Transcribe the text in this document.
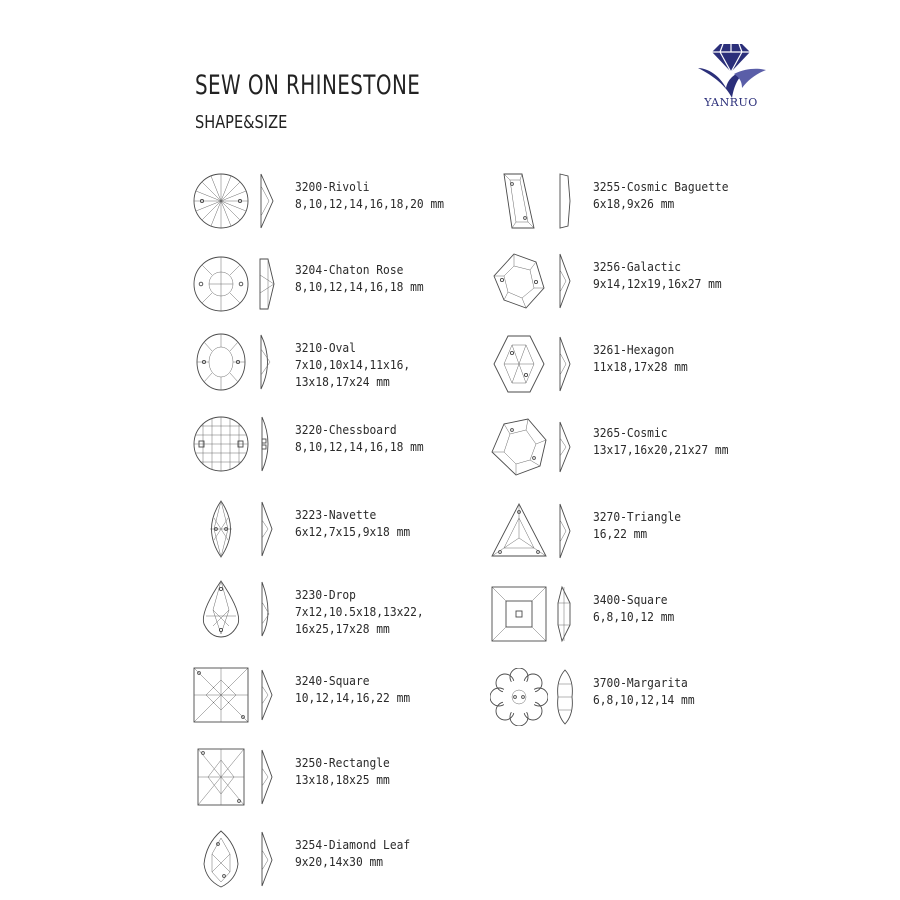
SEW ON RHINESTONE
SHAPE&SIZE
YANRUO
3200-Rivoli
8,10,12,14,16,18,20 mm
3204-Chaton Rose
8,10,12,14,16,18 mm
3210-Oval
7x10,10x14,11x16,
13x18,17x24 mm
3220-Chessboard
8,10,12,14,16,18 mm
3223-Navette
6x12,7x15,9x18 mm
3230-Drop
7x12,10.5x18,13x22,
16x25,17x28 mm
3240-Square
10,12,14,16,22 mm
3250-Rectangle
13x18,18x25 mm
3254-Diamond Leaf
9x20,14x30 mm
3255-Cosmic Baguette
6x18,9x26 mm
3256-Galactic
9x14,12x19,16x27 mm
3261-Hexagon
11x18,17x28 mm
3265-Cosmic
13x17,16x20,21x27 mm
3270-Triangle
16,22 mm
3400-Square
6,8,10,12 mm
3700-Margarita
6,8,10,12,14 mm
